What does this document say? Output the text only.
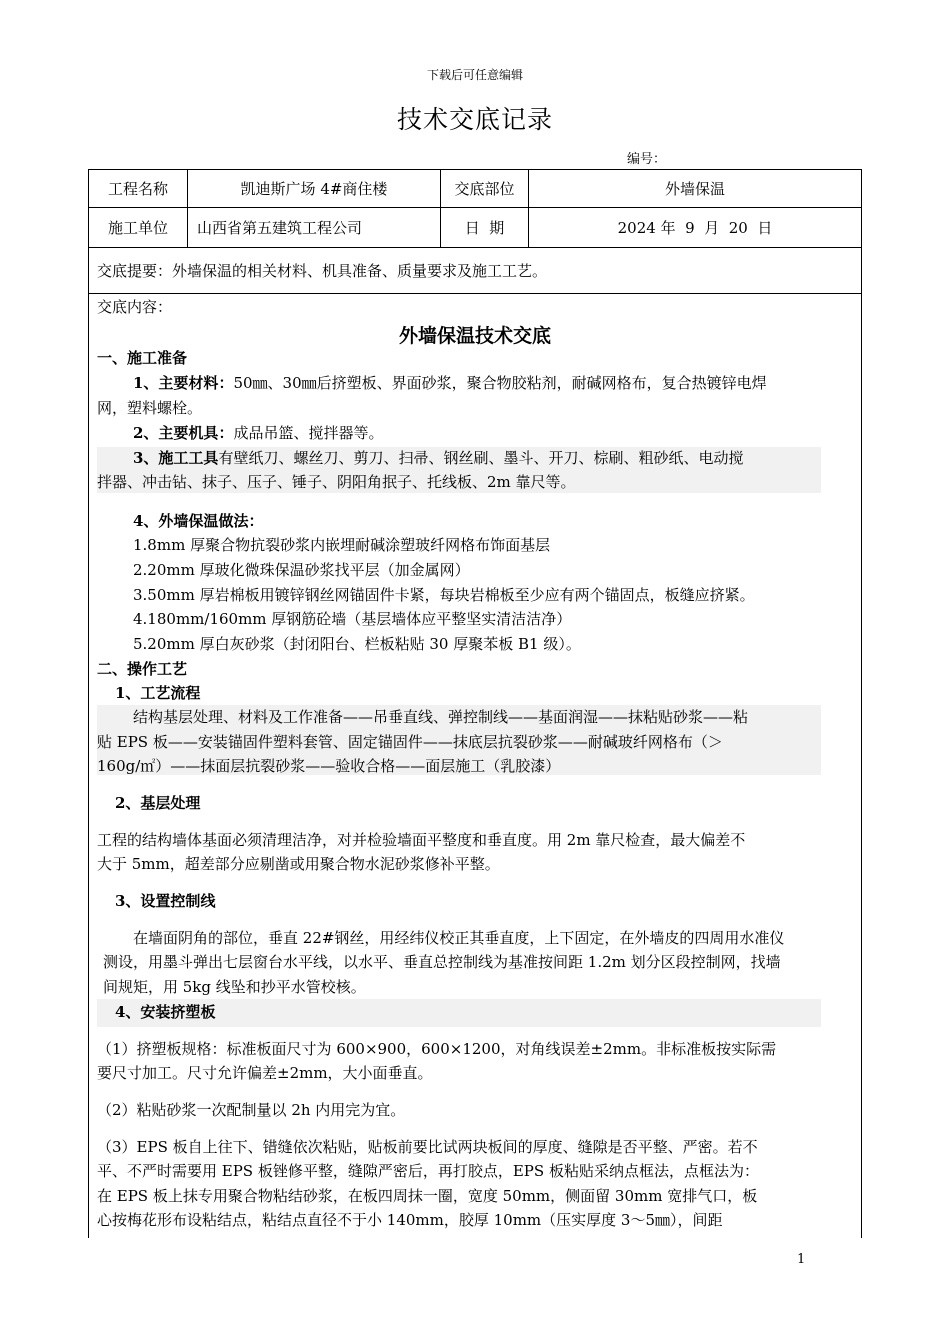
下载后可任意编辑
技术交底记录
编号：
工程名称	凯迪斯广场 4#商住楼	交底部位	外墙保温
施工单位	山西省第五建筑工程公司	日  期	2024 年  9  月  20  日
交底提要：外墙保温的相关材料、机具准备、质量要求及施工工艺。
交底内容：
外墙保温技术交底
一、施工准备
1、主要材料：50㎜、30㎜后挤塑板、界面砂浆，聚合物胶粘剂，耐碱网格布，复合热镀锌电焊
网，塑料螺栓。
2、主要机具：成品吊篮、搅拌器等。
3、施工工具有壁纸刀、螺丝刀、剪刀、扫帚、钢丝刷、墨斗、开刀、棕刷、粗砂纸、电动搅
拌器、冲击钻、抹子、压子、锤子、阴阳角抿子、托线板、2m 靠尺等。
4、外墙保温做法：
1.8mm 厚聚合物抗裂砂浆内嵌埋耐碱涂塑玻纤网格布饰面基层
2.20mm 厚玻化微珠保温砂浆找平层（加金属网）
3.50mm 厚岩棉板用镀锌钢丝网锚固件卡紧，每块岩棉板至少应有两个锚固点，板缝应挤紧。
4.180mm/160mm 厚钢筋砼墙（基层墙体应平整坚实清洁洁净）
5.20mm 厚白灰砂浆（封闭阳台、栏板粘贴 30 厚聚苯板 B1 级）。
二、操作工艺
1、工艺流程
结构基层处理、材料及工作准备——吊垂直线、弹控制线——基面润湿——抹粘贴砂浆——粘
贴 EPS 板——安装锚固件塑料套管、固定锚固件——抹底层抗裂砂浆——耐碱玻纤网格布（＞
160g/㎡）——抹面层抗裂砂浆——验收合格——面层施工（乳胶漆）
2、基层处理
工程的结构墙体基面必须清理洁净，对并检验墙面平整度和垂直度。用 2m 靠尺检查，最大偏差不
大于 5mm，超差部分应剔凿或用聚合物水泥砂浆修补平整。
3、设置控制线
在墙面阴角的部位，垂直 22#钢丝，用经纬仪校正其垂直度，上下固定，在外墙皮的四周用水准仪
测设，用墨斗弹出七层窗台水平线，以水平、垂直总控制线为基准按间距 1.2m 划分区段控制网，找墙
间规矩，用 5kg 线坠和抄平水管校核。
4、安装挤塑板
（1）挤塑板规格：标准板面尺寸为 600×900，600×1200，对角线误差±2mm。非标准板按实际需
要尺寸加工。尺寸允许偏差±2mm，大小面垂直。
（2）粘贴砂浆一次配制量以 2h 内用完为宜。
（3）EPS 板自上往下、错缝依次粘贴，贴板前要比试两块板间的厚度、缝隙是否平整、严密。若不
平、不严时需要用 EPS 板锉修平整，缝隙严密后，再打胶点，EPS 板粘贴采纳点框法，点框法为：
在 EPS 板上抹专用聚合物粘结砂浆，在板四周抹一圈，宽度 50mm，侧面留 30mm 宽排气口，板
心按梅花形布设粘结点，粘结点直径不于小 140mm，胶厚 10mm（压实厚度 3～5㎜），间距
1
